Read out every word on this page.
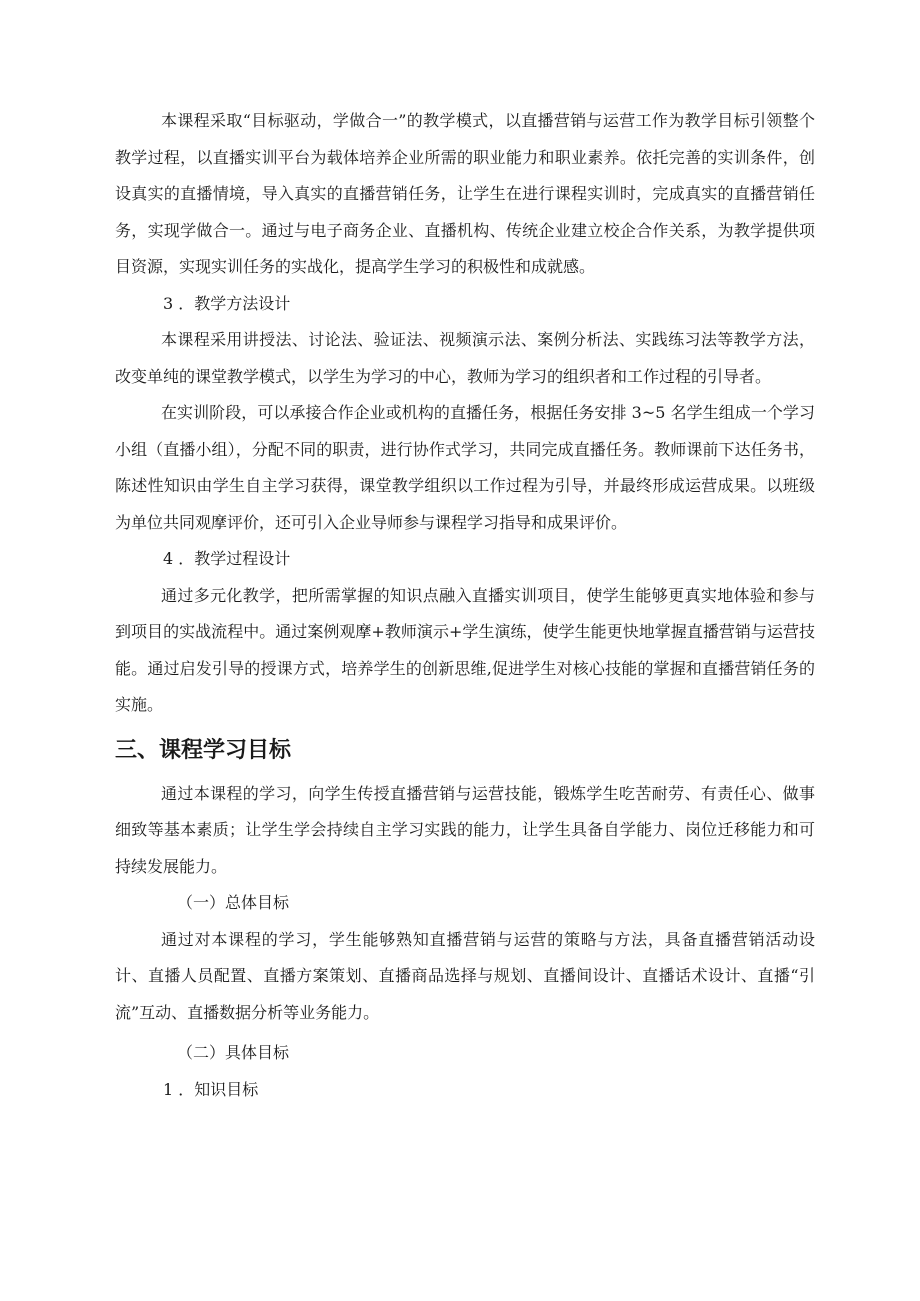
本课程采取“目标驱动，学做合一”的教学模式，以直播营销与运营工作为教学目标引领整个教学过程，以直播实训平台为载体培养企业所需的职业能力和职业素养。依托完善的实训条件，创设真实的直播情境，导入真实的直播营销任务，让学生在进行课程实训时，完成真实的直播营销任务，实现学做合一。通过与电子商务企业、直播机构、传统企业建立校企合作关系，为教学提供项目资源，实现实训任务的实战化，提高学生学习的积极性和成就感。

3 ．教学方法设计

本课程采用讲授法、讨论法、验证法、视频演示法、案例分析法、实践练习法等教学方法，改变单纯的课堂教学模式，以学生为学习的中心，教师为学习的组织者和工作过程的引导者。

在实训阶段，可以承接合作企业或机构的直播任务，根据任务安排 3~5 名学生组成一个学习小组（直播小组），分配不同的职责，进行协作式学习，共同完成直播任务。教师课前下达任务书，陈述性知识由学生自主学习获得，课堂教学组织以工作过程为引导，并最终形成运营成果。以班级为单位共同观摩评价，还可引入企业导师参与课程学习指导和成果评价。

4 ．教学过程设计

通过多元化教学，把所需掌握的知识点融入直播实训项目，使学生能够更真实地体验和参与到项目的实战流程中。通过案例观摩+教师演示+学生演练，使学生能更快地掌握直播营销与运营技能。通过启发引导的授课方式，培养学生的创新思维,促进学生对核心技能的掌握和直播营销任务的实施。

三、课程学习目标

通过本课程的学习，向学生传授直播营销与运营技能，锻炼学生吃苦耐劳、有责任心、做事细致等基本素质；让学生学会持续自主学习实践的能力，让学生具备自学能力、岗位迁移能力和可持续发展能力。

（一）总体目标

通过对本课程的学习，学生能够熟知直播营销与运营的策略与方法，具备直播营销活动设计、直播人员配置、直播方案策划、直播商品选择与规划、直播间设计、直播话术设计、直播“引流”互动、直播数据分析等业务能力。

（二）具体目标

1 ．知识目标
